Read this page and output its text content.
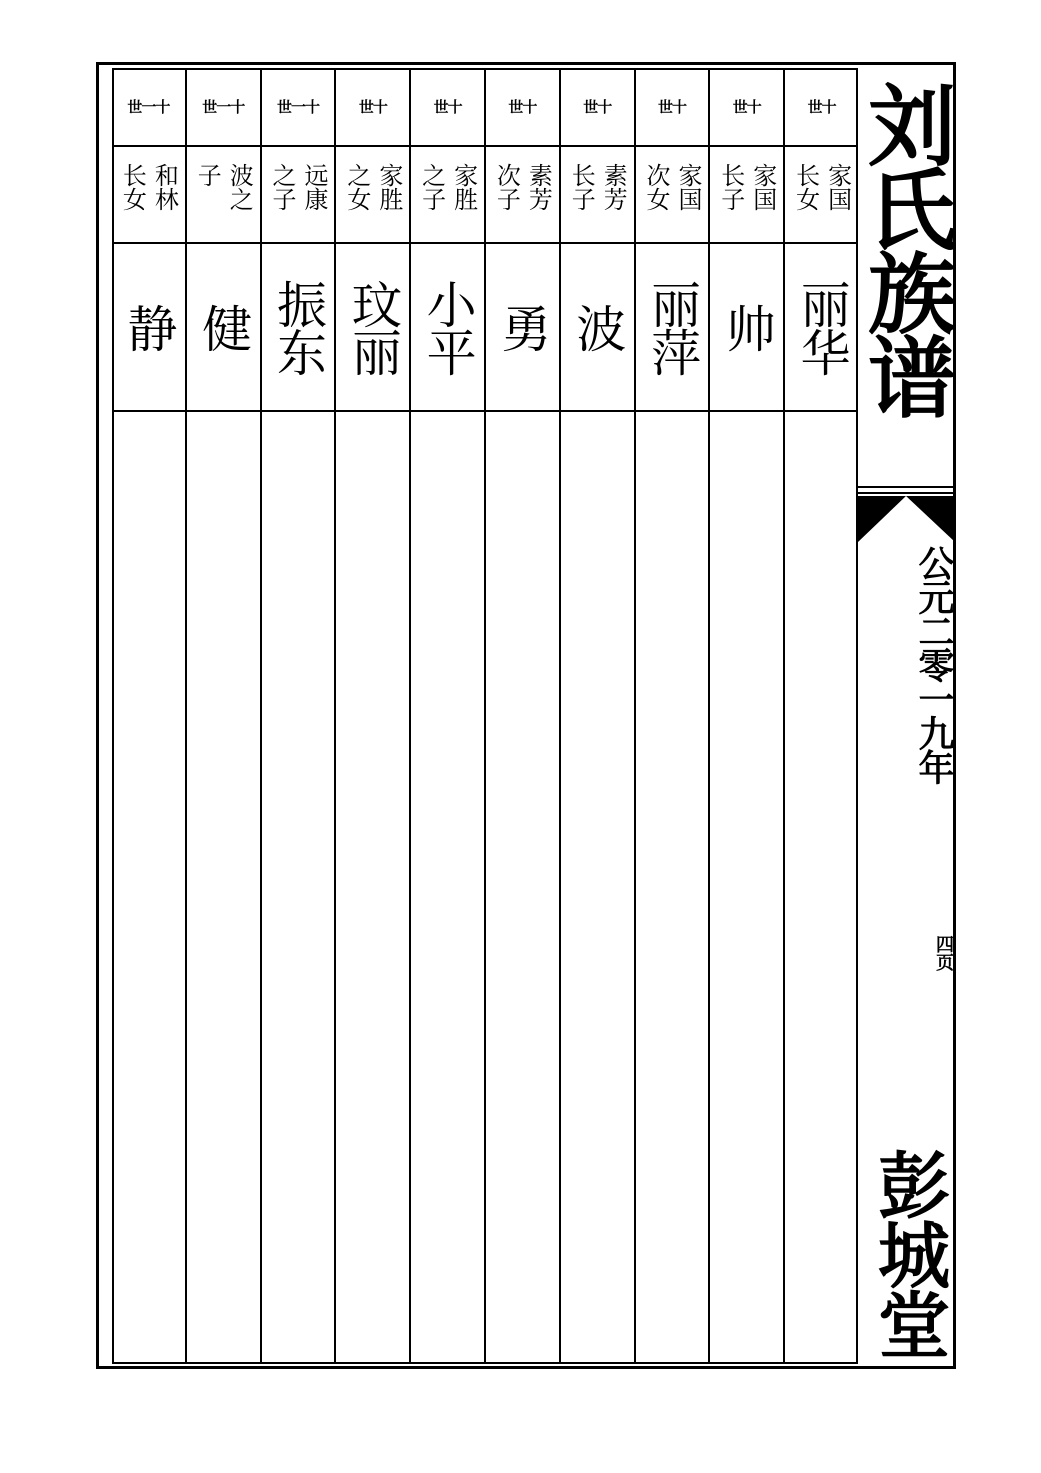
世十
家国
长女
丽华
世十
家国
长子
帅
世十
家国
次女
丽萍
世十
素芳
长子
波
世十
素芳
次子
勇
世十
家胜
之子
小平
世十
家胜
之女
玟丽
世一十
远康
之子
振东
世一十
波之
子
健
世一十
和林
长女
静	刘氏族谱
公元二零一九年
四页
彭城堂
